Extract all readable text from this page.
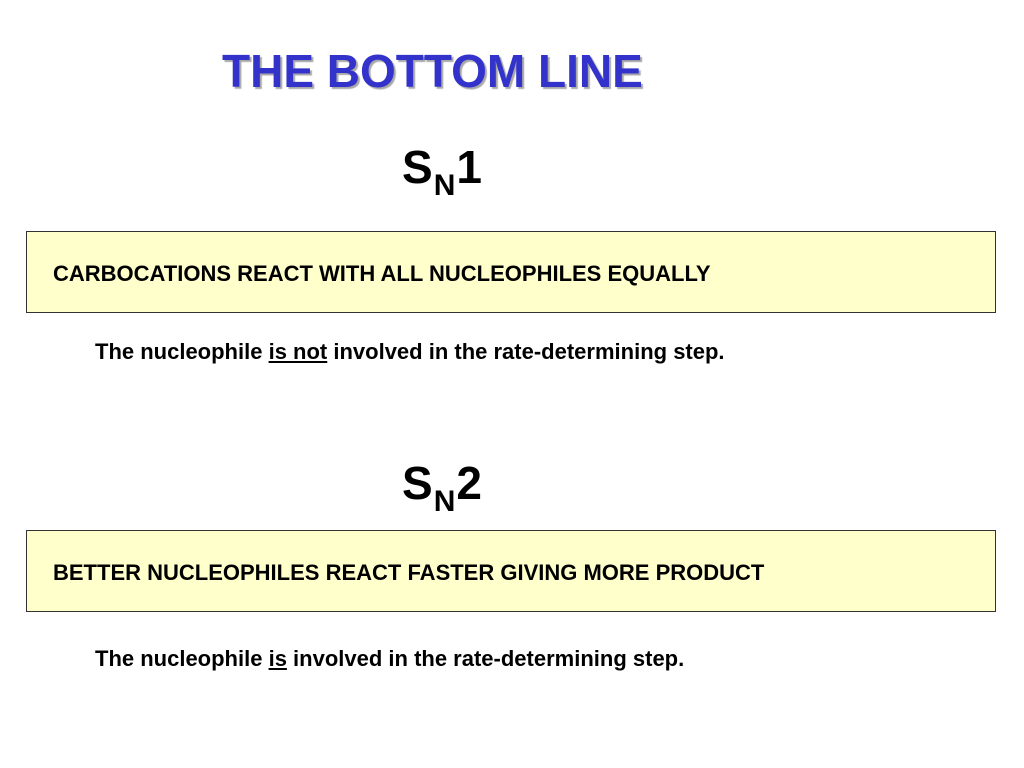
THE BOTTOM LINE
$S_N1$
CARBOCATIONS REACT WITH ALL NUCLEOPHILES EQUALLY
The nucleophile is not involved in the rate-determining step.
$S_N2$
BETTER NUCLEOPHILES REACT FASTER GIVING MORE PRODUCT
The nucleophile is involved in the rate-determining step.
